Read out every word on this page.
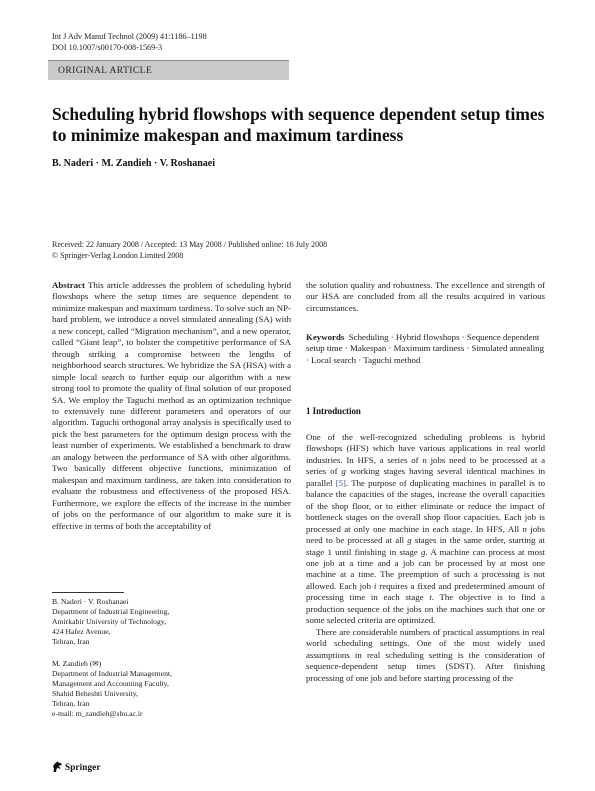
Int J Adv Manuf Technol (2009) 41:1186–1198
DOI 10.1007/s00170-008-1569-3
ORIGINAL ARTICLE
Scheduling hybrid flowshops with sequence dependent setup times to minimize makespan and maximum tardiness
B. Naderi · M. Zandieh · V. Roshanaei
Received: 22 January 2008 / Accepted: 13 May 2008 / Published online: 16 July 2008
© Springer-Verlag London Limited 2008

Abstract This article addresses the problem of scheduling hybrid flowshops where the setup times are sequence dependent to minimize makespan and maximum tardiness. To solve such an NP-hard problem, we introduce a novel simulated annealing (SA) with a new concept, called “Migration mechanism”, and a new operator, called “Giant leap”, to bolster the competitive performance of SA through striking a compromise between the lengths of neighborhood search structures. We hybridize the SA (HSA) with a simple local search to further equip our algorithm with a new strong tool to promote the quality of final solution of our proposed SA. We employ the Taguchi method as an optimization technique to extensively tune different parameters and operators of our algorithm. Taguchi orthogonal array analysis is specifically used to pick the best parameters for the optimum design process with the least number of experiments. We established a benchmark to draw an analogy between the performance of SA with other algorithms. Two basically different objective functions, minimization of makespan and maximum tardiness, are taken into consideration to evaluate the robustness and effectiveness of the proposed HSA. Furthermore, we explore the effects of the increase in the number of jobs on the performance of our algorithm to make sure it is effective in terms of both the acceptability of

the solution quality and robustness. The excellence and strength of our HSA are concluded from all the results acquired in various circumstances.

Keywords Scheduling · Hybrid flowshops · Sequence dependent setup time · Makespan · Maximum tardiness · Simulated annealing · Local search · Taguchi method

1 Introduction

One of the well-recognized scheduling problems is hybrid flowshops (HFS) which have various applications in real world industries. In HFS, a series of n jobs need to be processed at a series of g working stages having several identical machines in parallel [5]. The purpose of duplicating machines in parallel is to balance the capacities of the stages, increase the overall capacities of the shop floor, or to either eliminate or reduce the impact of bottleneck stages on the overall shop floor capacities. Each job is processed at only one machine in each stage. In HFS, All n jobs need to be processed at all g stages in the same order, starting at stage 1 until finishing in stage g. A machine can process at most one job at a time and a job can be processed by at most one machine at a time. The preemption of such a processing is not allowed. Each job i requires a fixed and predetermined amount of processing time in each stage t. The objective is to find a production sequence of the jobs on the machines such that one or some selected criteria are optimized.

There are considerable numbers of practical assumptions in real world scheduling settings. One of the most widely used assumptions in real scheduling setting is the consideration of sequence-dependent setup times (SDST). After finishing processing of one job and before starting processing of the

B. Naderi · V. Roshanaei
Department of Industrial Engineering,
Amirkabir University of Technology,
424 Hafez Avenue,
Tehran, Iran
M. Zandieh (✉)
Department of Industrial Management,
Management and Accounting Faculty,
Shahid Beheshti University,
Tehran, Iran
e-mail: m_zandieh@sbu.ac.ir
Springer
